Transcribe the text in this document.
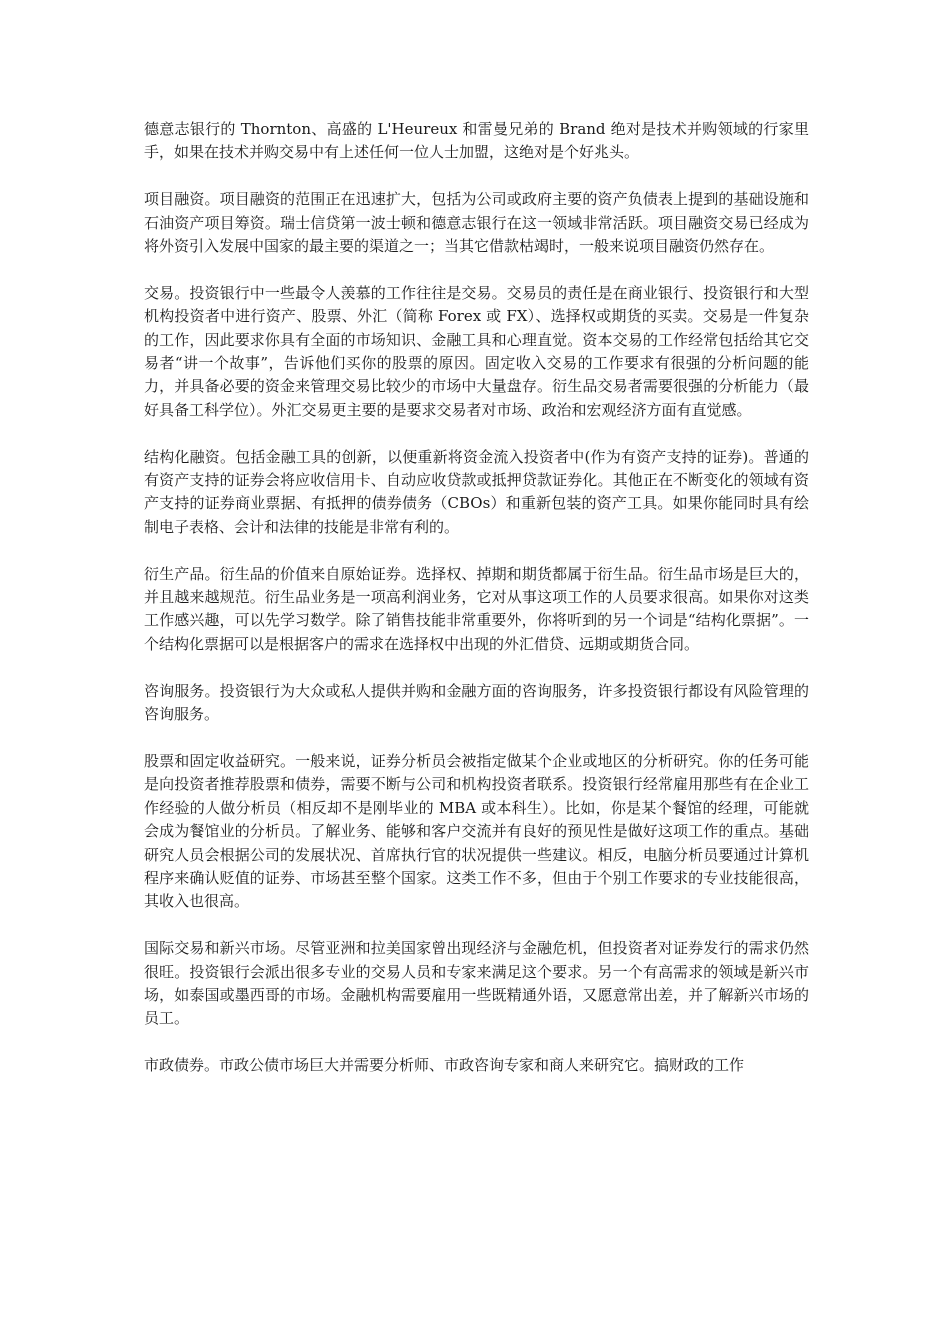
德意志银行的 Thornton、高盛的 L'Heureux 和雷曼兄弟的 Brand 绝对是技术并购领域的行家里手，如果在技术并购交易中有上述任何一位人士加盟，这绝对是个好兆头。

项目融资。项目融资的范围正在迅速扩大，包括为公司或政府主要的资产负债表上提到的基础设施和石油资产项目筹资。瑞士信贷第一波士顿和德意志银行在这一领域非常活跃。项目融资交易已经成为将外资引入发展中国家的最主要的渠道之一；当其它借款枯竭时，一般来说项目融资仍然存在。

交易。投资银行中一些最令人羡慕的工作往往是交易。交易员的责任是在商业银行、投资银行和大型机构投资者中进行资产、股票、外汇（简称 Forex 或 FX）、选择权或期货的买卖。交易是一件复杂的工作，因此要求你具有全面的市场知识、金融工具和心理直觉。资本交易的工作经常包括给其它交易者“讲一个故事”，告诉他们买你的股票的原因。固定收入交易的工作要求有很强的分析问题的能力，并具备必要的资金来管理交易比较少的市场中大量盘存。衍生品交易者需要很强的分析能力（最好具备工科学位）。外汇交易更主要的是要求交易者对市场、政治和宏观经济方面有直觉感。

结构化融资。包括金融工具的创新，以便重新将资金流入投资者中(作为有资产支持的证券)。普通的有资产支持的证券会将应收信用卡、自动应收贷款或抵押贷款证券化。其他正在不断变化的领域有资产支持的证券商业票据、有抵押的债券债务（CBOs）和重新包装的资产工具。如果你能同时具有绘制电子表格、会计和法律的技能是非常有利的。

衍生产品。衍生品的价值来自原始证券。选择权、掉期和期货都属于衍生品。衍生品市场是巨大的，并且越来越规范。衍生品业务是一项高利润业务，它对从事这项工作的人员要求很高。如果你对这类工作感兴趣，可以先学习数学。除了销售技能非常重要外，你将听到的另一个词是“结构化票据”。一个结构化票据可以是根据客户的需求在选择权中出现的外汇借贷、远期或期货合同。

咨询服务。投资银行为大众或私人提供并购和金融方面的咨询服务，许多投资银行都设有风险管理的咨询服务。

股票和固定收益研究。一般来说，证券分析员会被指定做某个企业或地区的分析研究。你的任务可能是向投资者推荐股票和债券，需要不断与公司和机构投资者联系。投资银行经常雇用那些有在企业工作经验的人做分析员（相反却不是刚毕业的 MBA 或本科生）。比如，你是某个餐馆的经理，可能就会成为餐馆业的分析员。了解业务、能够和客户交流并有良好的预见性是做好这项工作的重点。基础研究人员会根据公司的发展状况、首席执行官的状况提供一些建议。相反，电脑分析员要通过计算机程序来确认贬值的证券、市场甚至整个国家。这类工作不多，但由于个别工作要求的专业技能很高，其收入也很高。

国际交易和新兴市场。尽管亚洲和拉美国家曾出现经济与金融危机，但投资者对证券发行的需求仍然很旺。投资银行会派出很多专业的交易人员和专家来满足这个要求。另一个有高需求的领域是新兴市场，如泰国或墨西哥的市场。金融机构需要雇用一些既精通外语，又愿意常出差，并了解新兴市场的员工。

市政债券。市政公债市场巨大并需要分析师、市政咨询专家和商人来研究它。搞财政的工作
